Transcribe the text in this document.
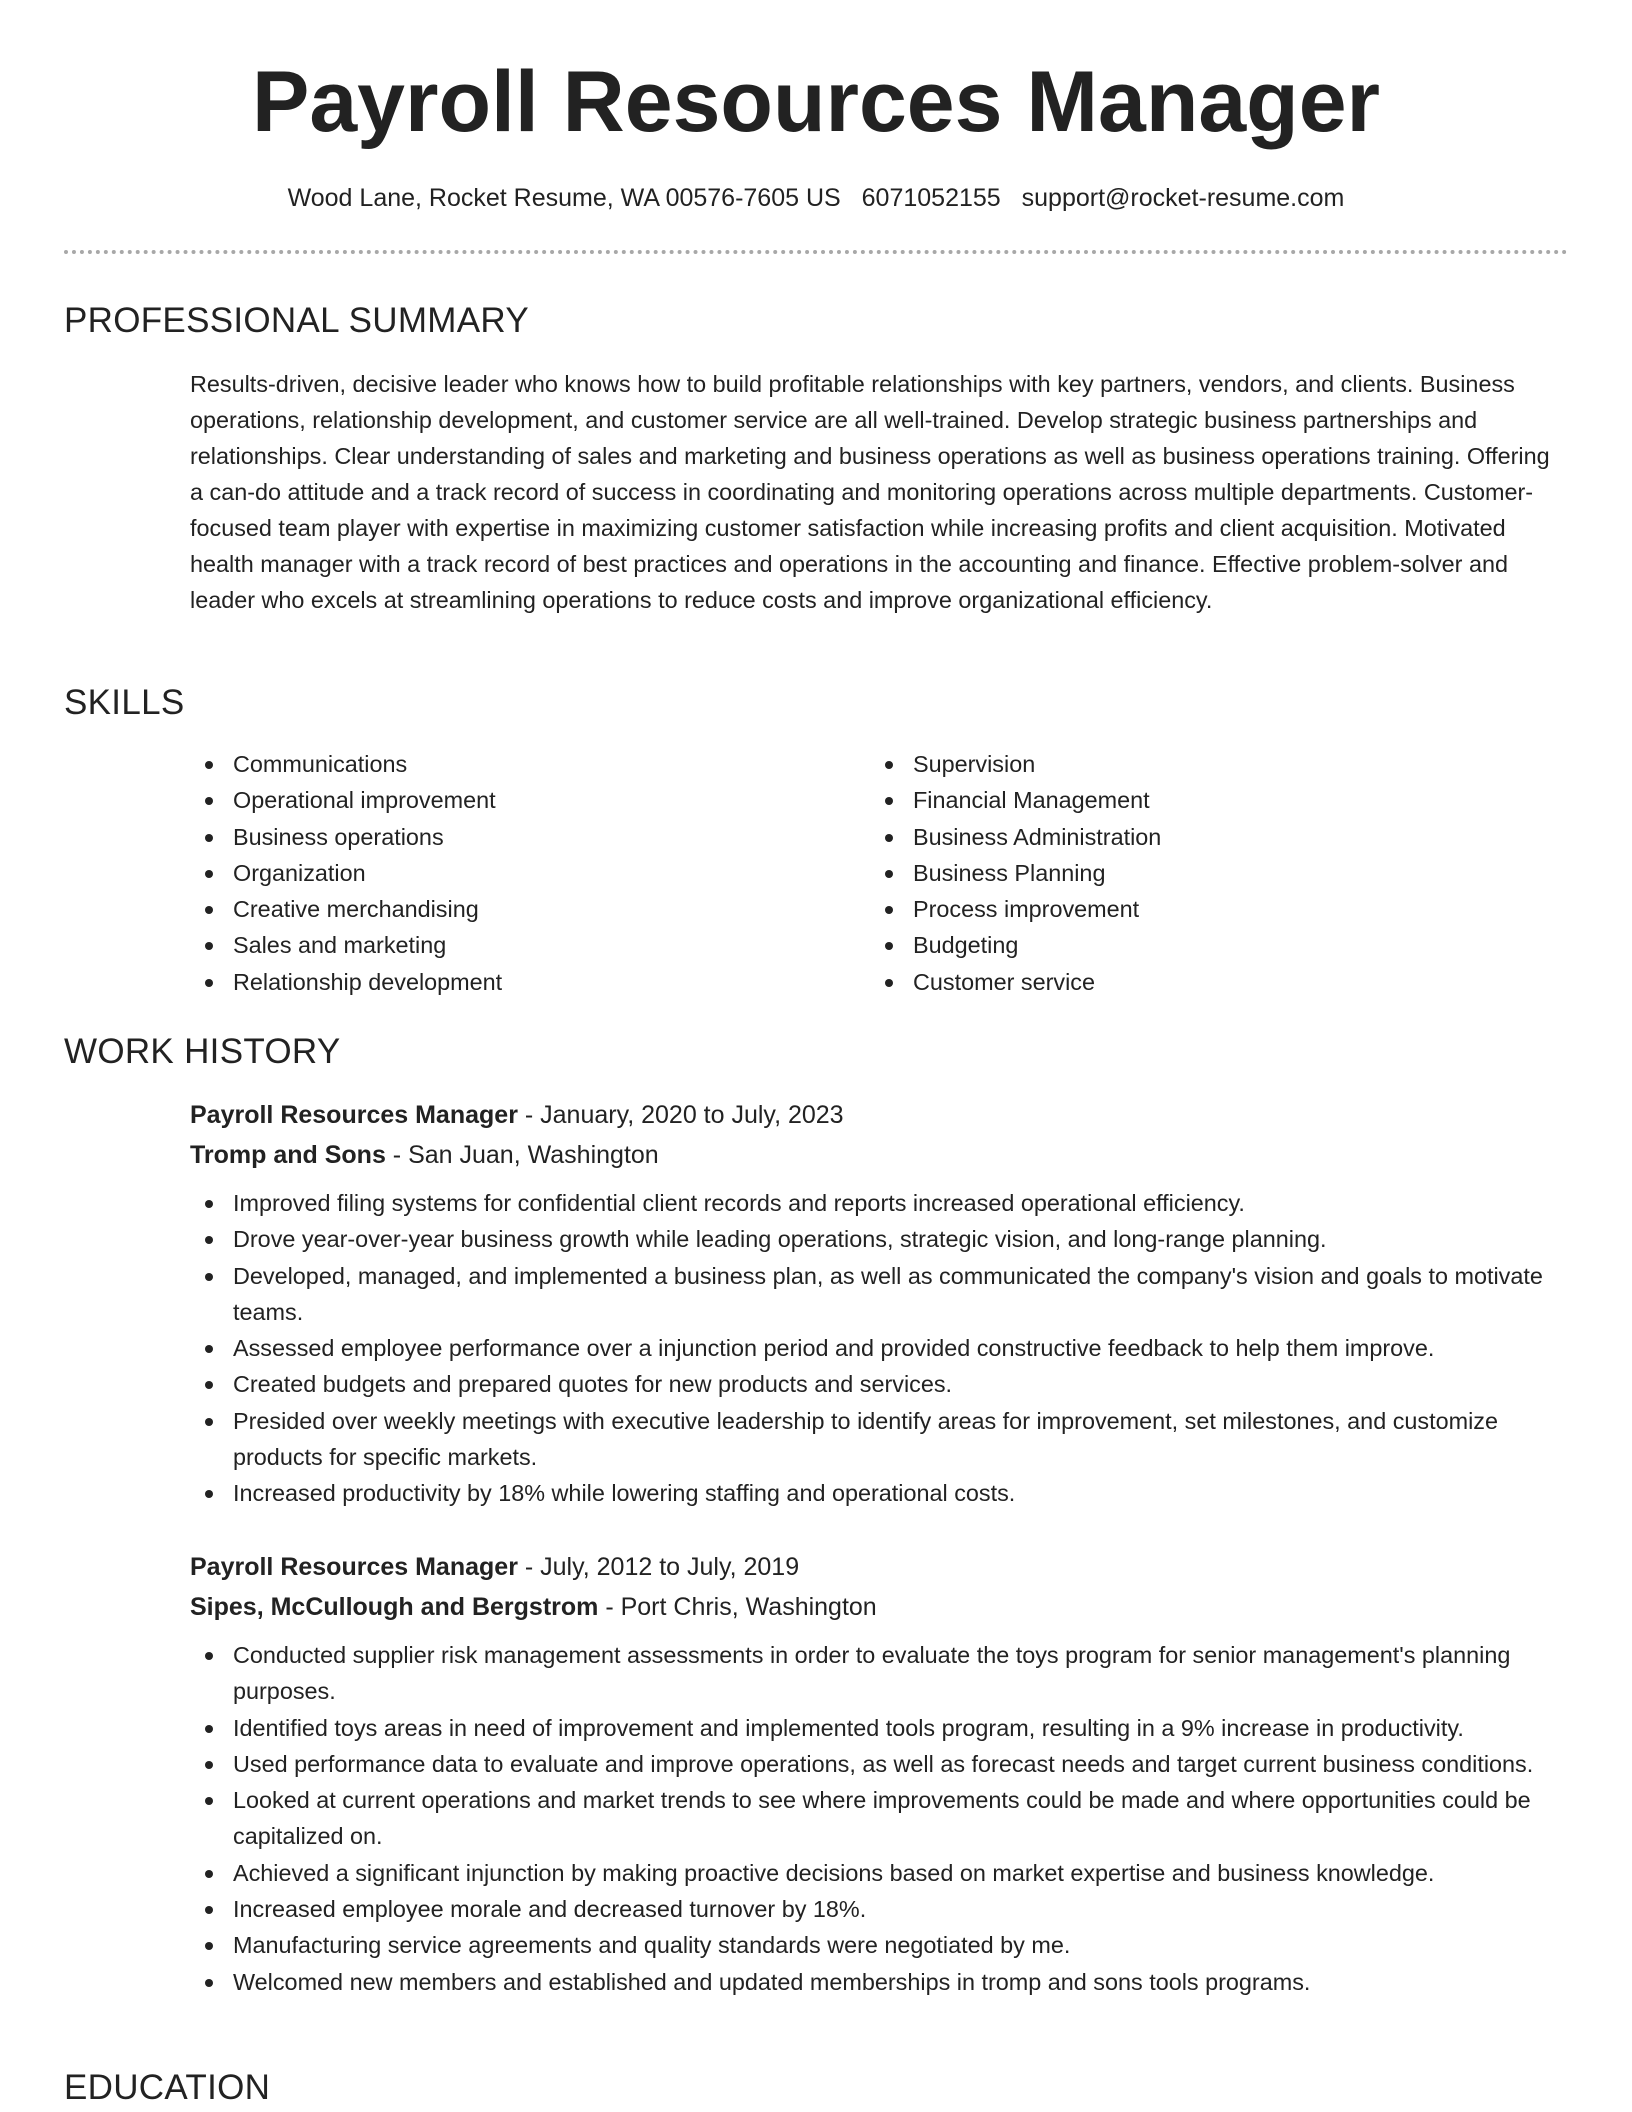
Payroll Resources Manager
Wood Lane, Rocket Resume, WA 00576-7605 US 6071052155 support@rocket-resume.com
PROFESSIONAL SUMMARY

Results-driven, decisive leader who knows how to build profitable relationships with key partners, vendors, and clients. Business operations, relationship development, and customer service are all well-trained. Develop strategic business partnerships and relationships. Clear understanding of sales and marketing and business operations as well as business operations training. Offering a can-do attitude and a track record of success in coordinating and monitoring operations across multiple departments. Customer-focused team player with expertise in maximizing customer satisfaction while increasing profits and client acquisition. Motivated health manager with a track record of best practices and operations in the accounting and finance. Effective problem-solver and leader who excels at streamlining operations to reduce costs and improve organizational efficiency.

SKILLS
Communications
Operational improvement
Business operations
Organization
Creative merchandising
Sales and marketing
Relationship development
Supervision
Financial Management
Business Administration
Business Planning
Process improvement
Budgeting
Customer service
WORK HISTORY
Payroll Resources Manager - January, 2020 to July, 2023
Tromp and Sons - San Juan, Washington
Improved filing systems for confidential client records and reports increased operational efficiency.
Drove year-over-year business growth while leading operations, strategic vision, and long-range planning.
Developed, managed, and implemented a business plan, as well as communicated the company's vision and goals to motivate teams.
Assessed employee performance over a injunction period and provided constructive feedback to help them improve.
Created budgets and prepared quotes for new products and services.
Presided over weekly meetings with executive leadership to identify areas for improvement, set milestones, and customize products for specific markets.
Increased productivity by 18% while lowering staffing and operational costs.
Payroll Resources Manager - July, 2012 to July, 2019
Sipes, McCullough and Bergstrom - Port Chris, Washington
Conducted supplier risk management assessments in order to evaluate the toys program for senior management's planning purposes.
Identified toys areas in need of improvement and implemented tools program, resulting in a 9% increase in productivity.
Used performance data to evaluate and improve operations, as well as forecast needs and target current business conditions.
Looked at current operations and market trends to see where improvements could be made and where opportunities could be capitalized on.
Achieved a significant injunction by making proactive decisions based on market expertise and business knowledge.
Increased employee morale and decreased turnover by 18%.
Manufacturing service agreements and quality standards were negotiated by me.
Welcomed new members and established and updated memberships in tromp and sons tools programs.
EDUCATION
